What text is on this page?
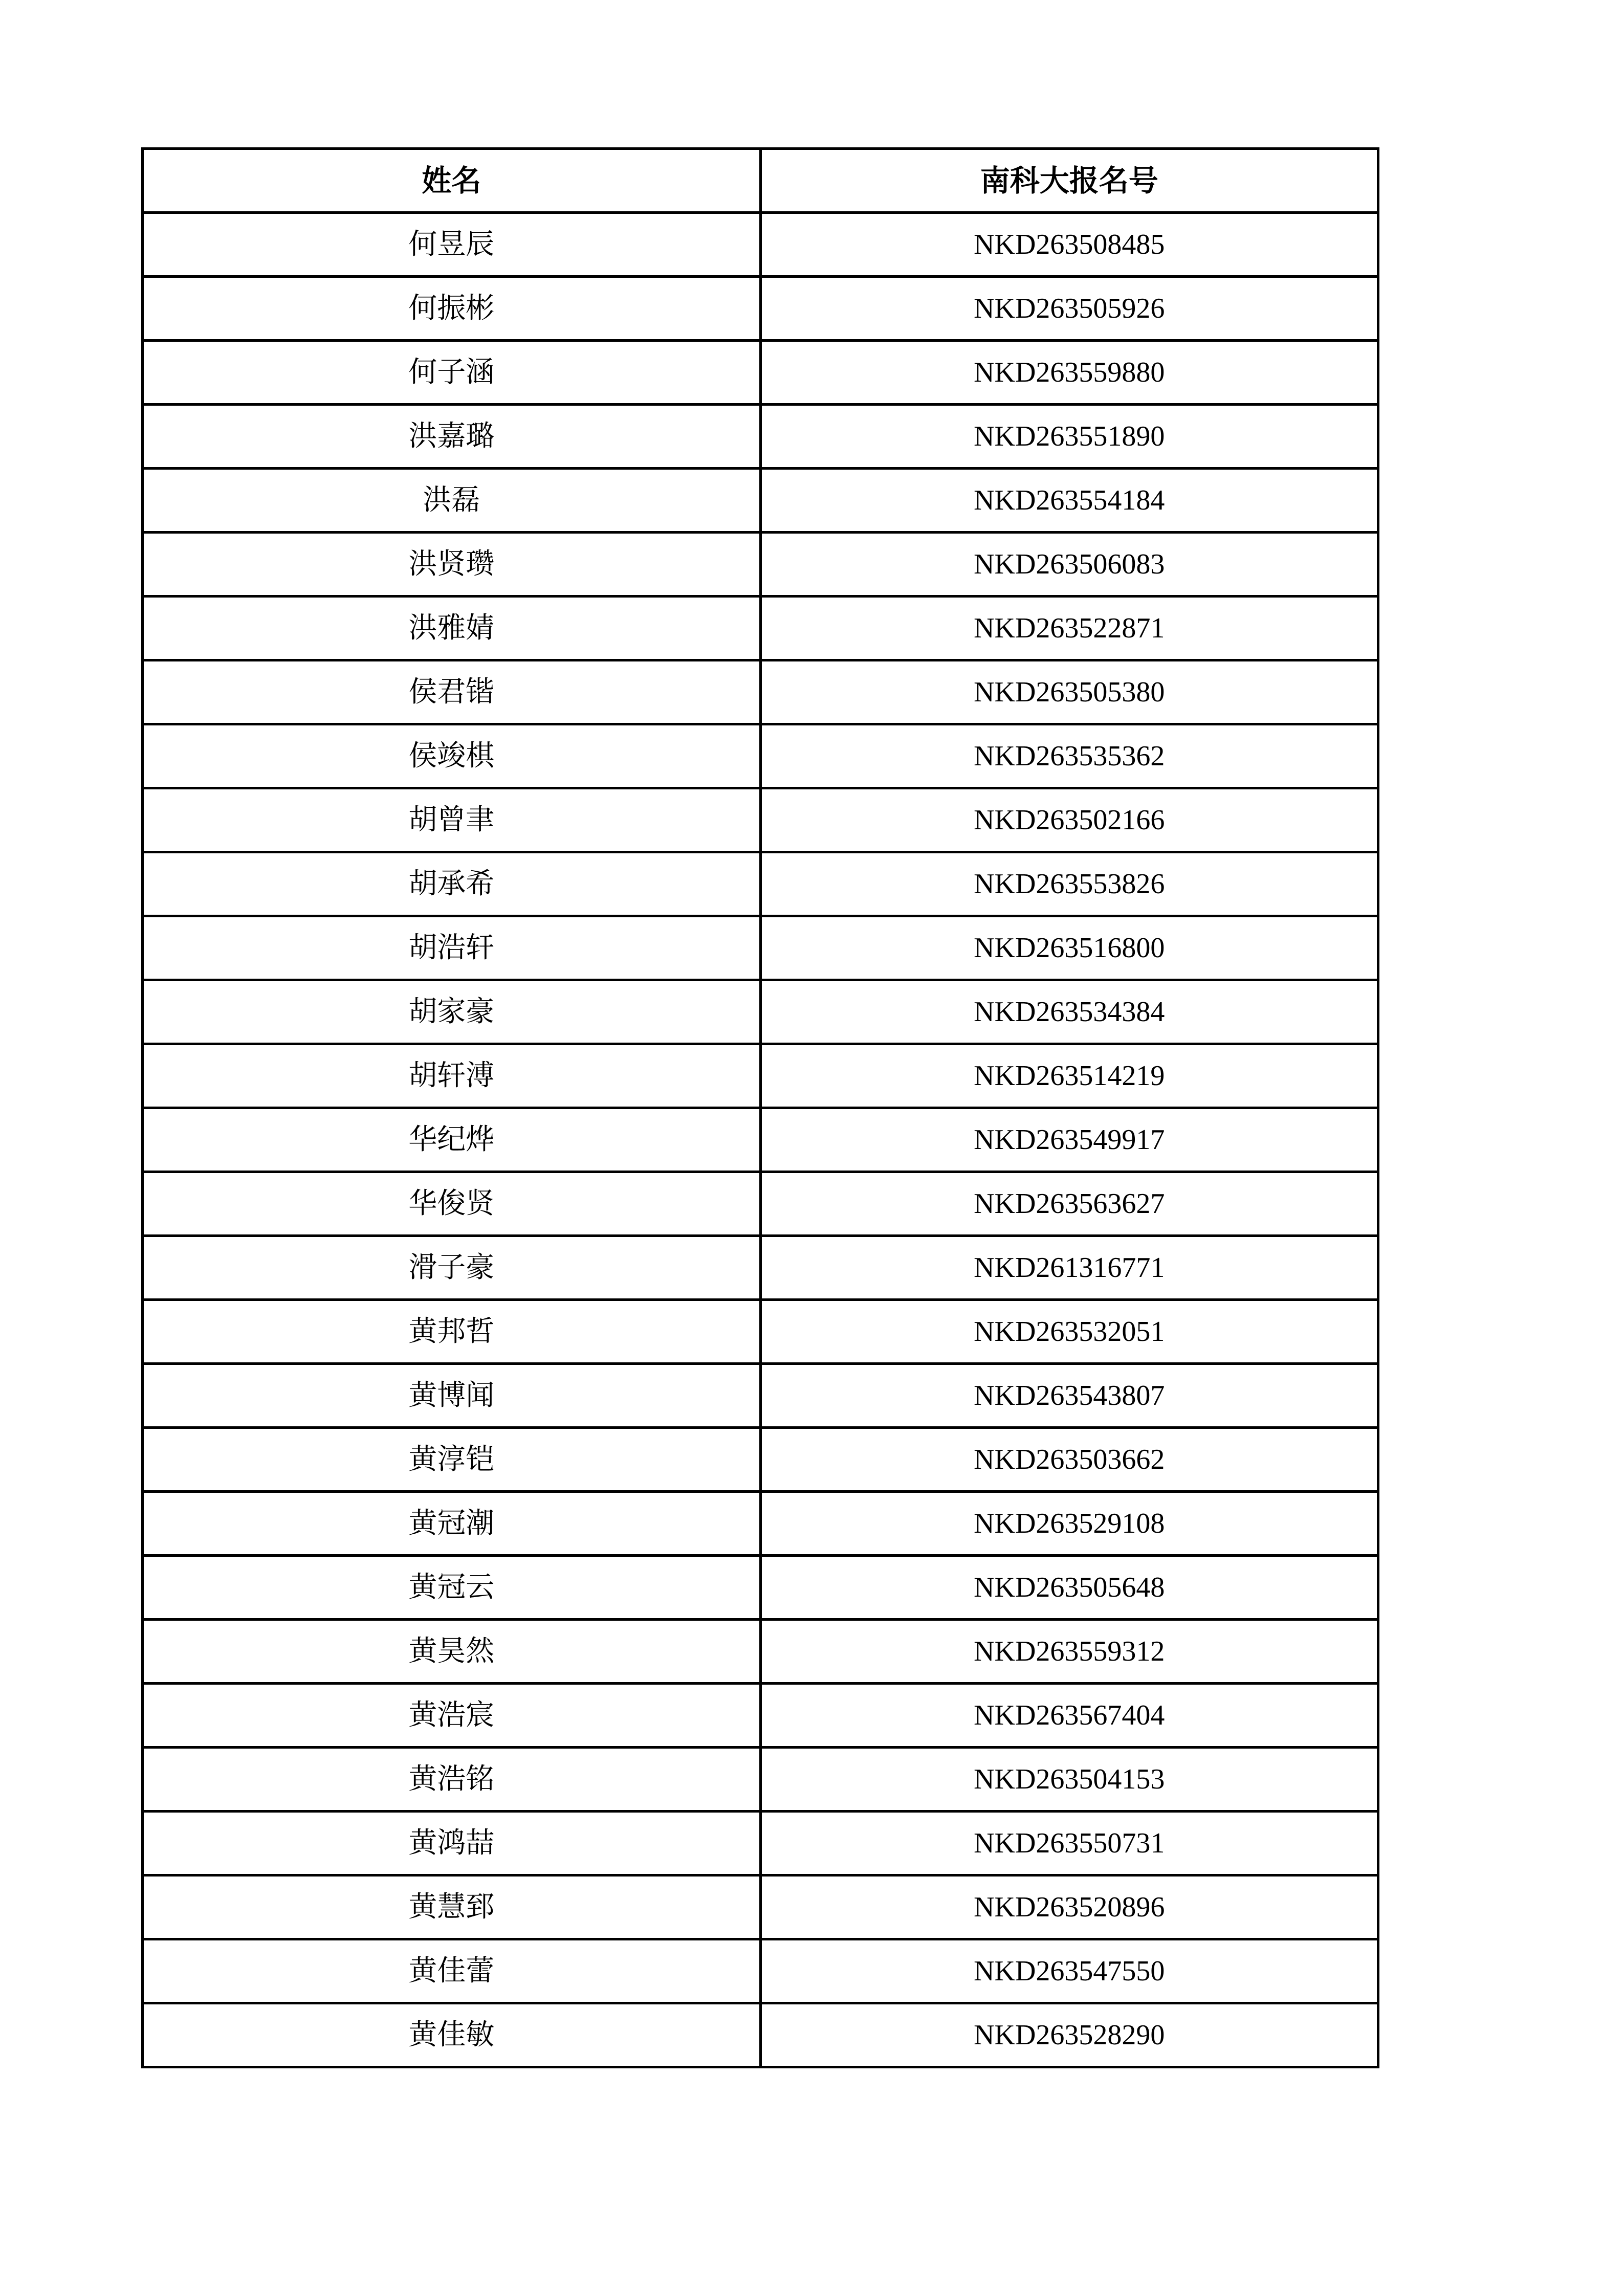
姓名	南科大报名号
何昱辰	NKD263508485
何振彬	NKD263505926
何子涵	NKD263559880
洪嘉璐	NKD263551890
洪磊	NKD263554184
洪贤瓒	NKD263506083
洪雅婧	NKD263522871
侯君锴	NKD263505380
侯竣棋	NKD263535362
胡曾聿	NKD263502166
胡承希	NKD263553826
胡浩轩	NKD263516800
胡家豪	NKD263534384
胡轩溥	NKD263514219
华纪烨	NKD263549917
华俊贤	NKD263563627
滑子豪	NKD261316771
黄邦哲	NKD263532051
黄博闻	NKD263543807
黄淳铠	NKD263503662
黄冠潮	NKD263529108
黄冠云	NKD263505648
黄昊然	NKD263559312
黄浩宸	NKD263567404
黄浩铭	NKD263504153
黄鸿喆	NKD263550731
黄慧郅	NKD263520896
黄佳蕾	NKD263547550
黄佳敏	NKD263528290
